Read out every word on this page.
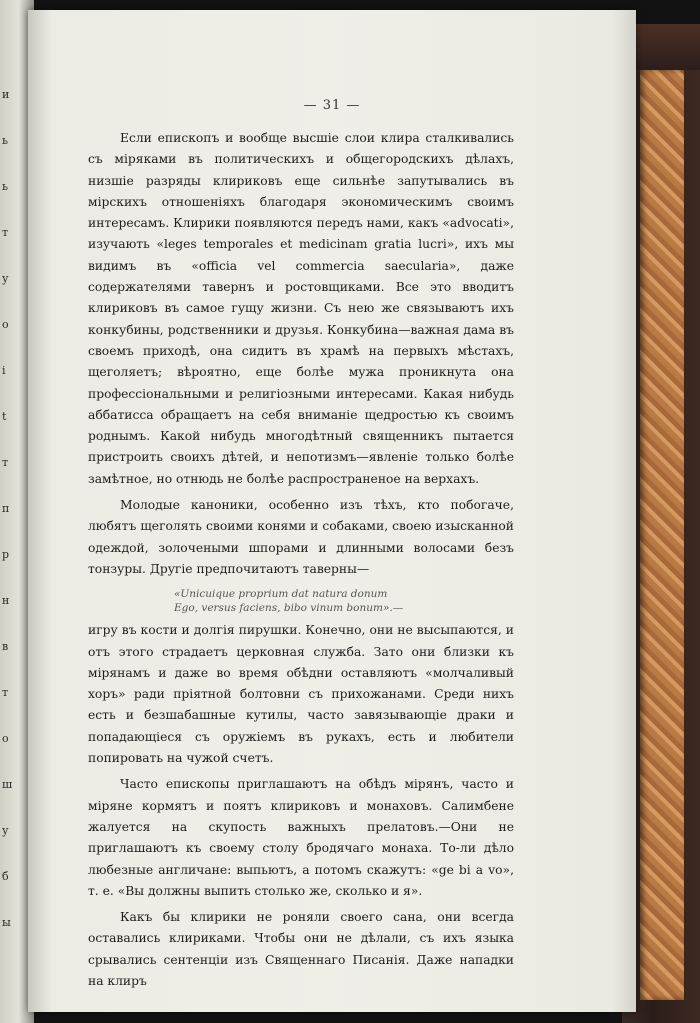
и
ь
ь
т
у
о
і
t
т
п
р
н
в
т
о
ш
у
б
ы
— 31 —

Если епископъ и вообще высшіе слои клира сталкивались съ міряками въ политическихъ и общегородскихъ дѣлахъ, низшіе разряды клириковъ еще сильнѣе запутывались въ мірскихъ отношеніяхъ благодаря экономическимъ своимъ интересамъ. Клирики появляются передъ нами, какъ «advocati», изучають «leges temporales et medicinam gratia lucri», ихъ мы видимъ въ «officia vel commercia saecularia», даже содержателями тавернъ и ростовщиками. Все это вводитъ клириковъ въ самое гущу жизни. Съ нею же связываютъ ихъ конкубины, родственники и друзья. Конкубина—важная дама въ своемъ приходѣ, она сидитъ въ храмѣ на первыхъ мѣстахъ, щеголяетъ; вѣроятно, еще болѣе мужа проникнута она профессіональными и религіозными интересами. Какая нибудь аббатисса обращаетъ на себя вниманіе щедростью къ своимъ роднымъ. Какой нибудь многодѣтный священникъ пытается пристроить своихъ дѣтей, и непотизмъ—явленіе только болѣе замѣтное, но отнюдь не болѣе распространеное на верхахъ.

Молодые каноники, особенно изъ тѣхъ, кто побогаче, любятъ щеголять своими конями и собаками, своею изысканной одеждой, золочеными шпорами и длинными волосами безъ тонзуры. Другіе предпочитаютъ таверны—

«Unicuique proprium dat natura donum
Ego, versus faciens, bibo vinum bonum».—

игру въ кости и долгія пирушки. Конечно, они не высыпаются, и отъ этого страдаетъ церковная служба. Зато они близки къ мірянамъ и даже во время обѣдни оставляютъ «молчаливый хоръ» ради пріятной болтовни съ прихожанами. Среди нихъ есть и безшабашные кутилы, часто завязывающіе драки и попадающіеся съ оружіемъ въ рукахъ, есть и любители попировать на чужой счетъ.

Часто епископы приглашаютъ на обѣдъ мірянъ, часто и міряне кормятъ и поятъ клириковъ и монаховъ. Салимбене жалуется на скупость важныхъ прелатовъ.—Они не приглашаютъ къ своему столу бродячаго монаха. То-ли дѣло любезные англичане: выпьютъ, а потомъ скажутъ: «ge bi a vo», т. е. «Вы должны выпить столько же, сколько и я».

Какъ бы клирики не роняли своего сана, они всегда оставались клириками. Чтобы они не дѣлали, съ ихъ языка срывались сентенціи изъ Священнаго Писанія. Даже нападки на клиръ
